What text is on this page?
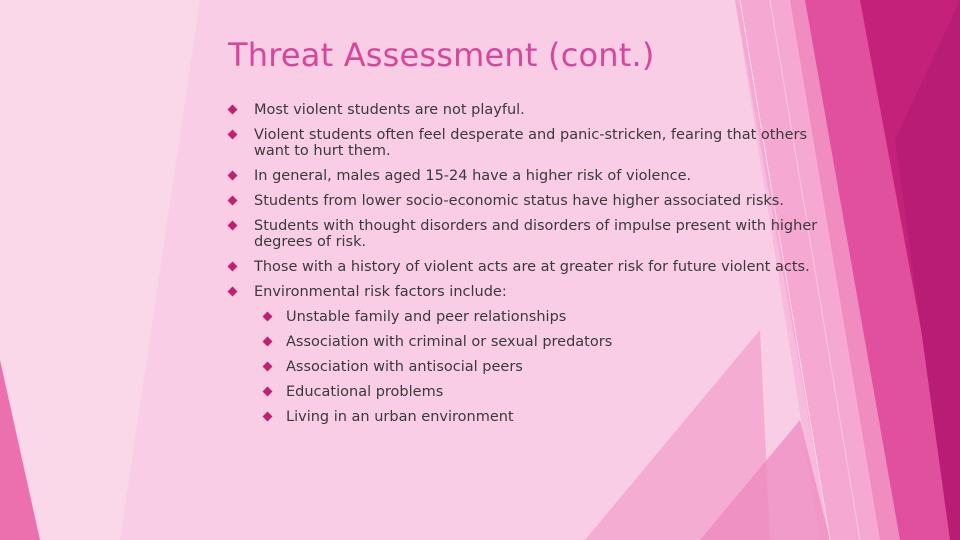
Threat Assessment (cont.)
Most violent students are not playful.
Violent students often feel desperate and panic-stricken, fearing that others want to hurt them.
In general, males aged 15-24 have a higher risk of violence.
Students from lower socio-economic status have higher associated risks.
Students with thought disorders and disorders of impulse present with higher degrees of risk.
Those with a history of violent acts are at greater risk for future violent acts.
Environmental risk factors include:
Unstable family and peer relationships
Association with criminal or sexual predators
Association with antisocial peers
Educational problems
Living in an urban environment
